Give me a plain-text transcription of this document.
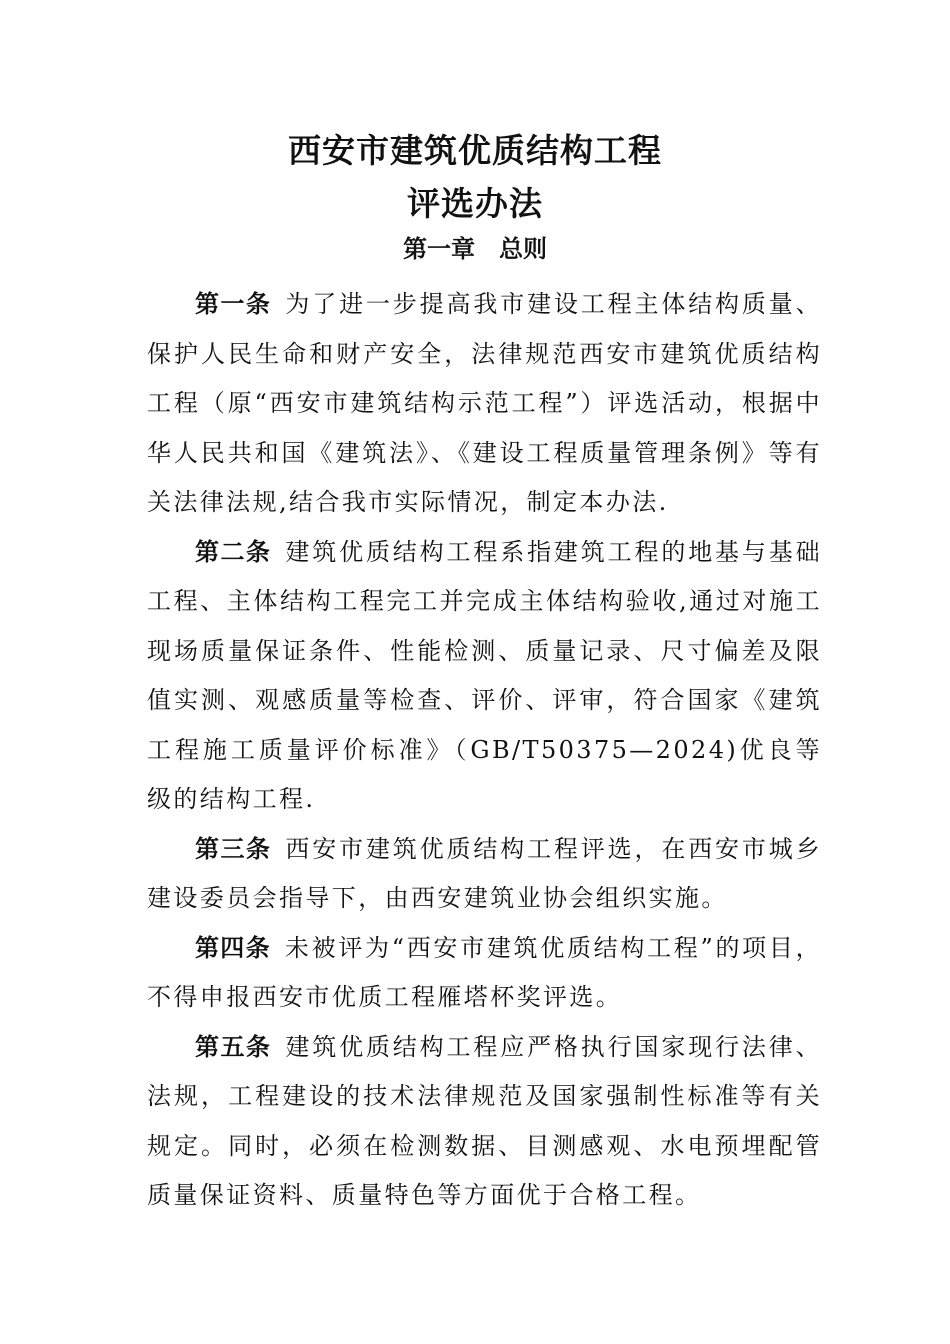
西安市建筑优质结构工程
评选办法
第一章　总则

第一条 为了进一步提高我市建设工程主体结构质量、保护人民生命和财产安全，法律规范西安市建筑优质结构工程（原“西安市建筑结构示范工程”）评选活动，根据中华人民共和国《建筑法》、《建设工程质量管理条例》等有关法律法规,结合我市实际情况，制定本办法.

第二条 建筑优质结构工程系指建筑工程的地基与基础工程、主体结构工程完工并完成主体结构验收,通过对施工现场质量保证条件、性能检测、质量记录、尺寸偏差及限值实测、观感质量等检查、评价、评审，符合国家《建筑工程施工质量评价标准》（GB/T50375—2024)优良等级的结构工程.

第三条 西安市建筑优质结构工程评选，在西安市城乡建设委员会指导下，由西安建筑业协会组织实施。

第四条 未被评为“西安市建筑优质结构工程”的项目，不得申报西安市优质工程雁塔杯奖评选。

第五条 建筑优质结构工程应严格执行国家现行法律、法规，工程建设的技术法律规范及国家强制性标准等有关规定。同时，必须在检测数据、目测感观、水电预埋配管质量保证资料、质量特色等方面优于合格工程。
